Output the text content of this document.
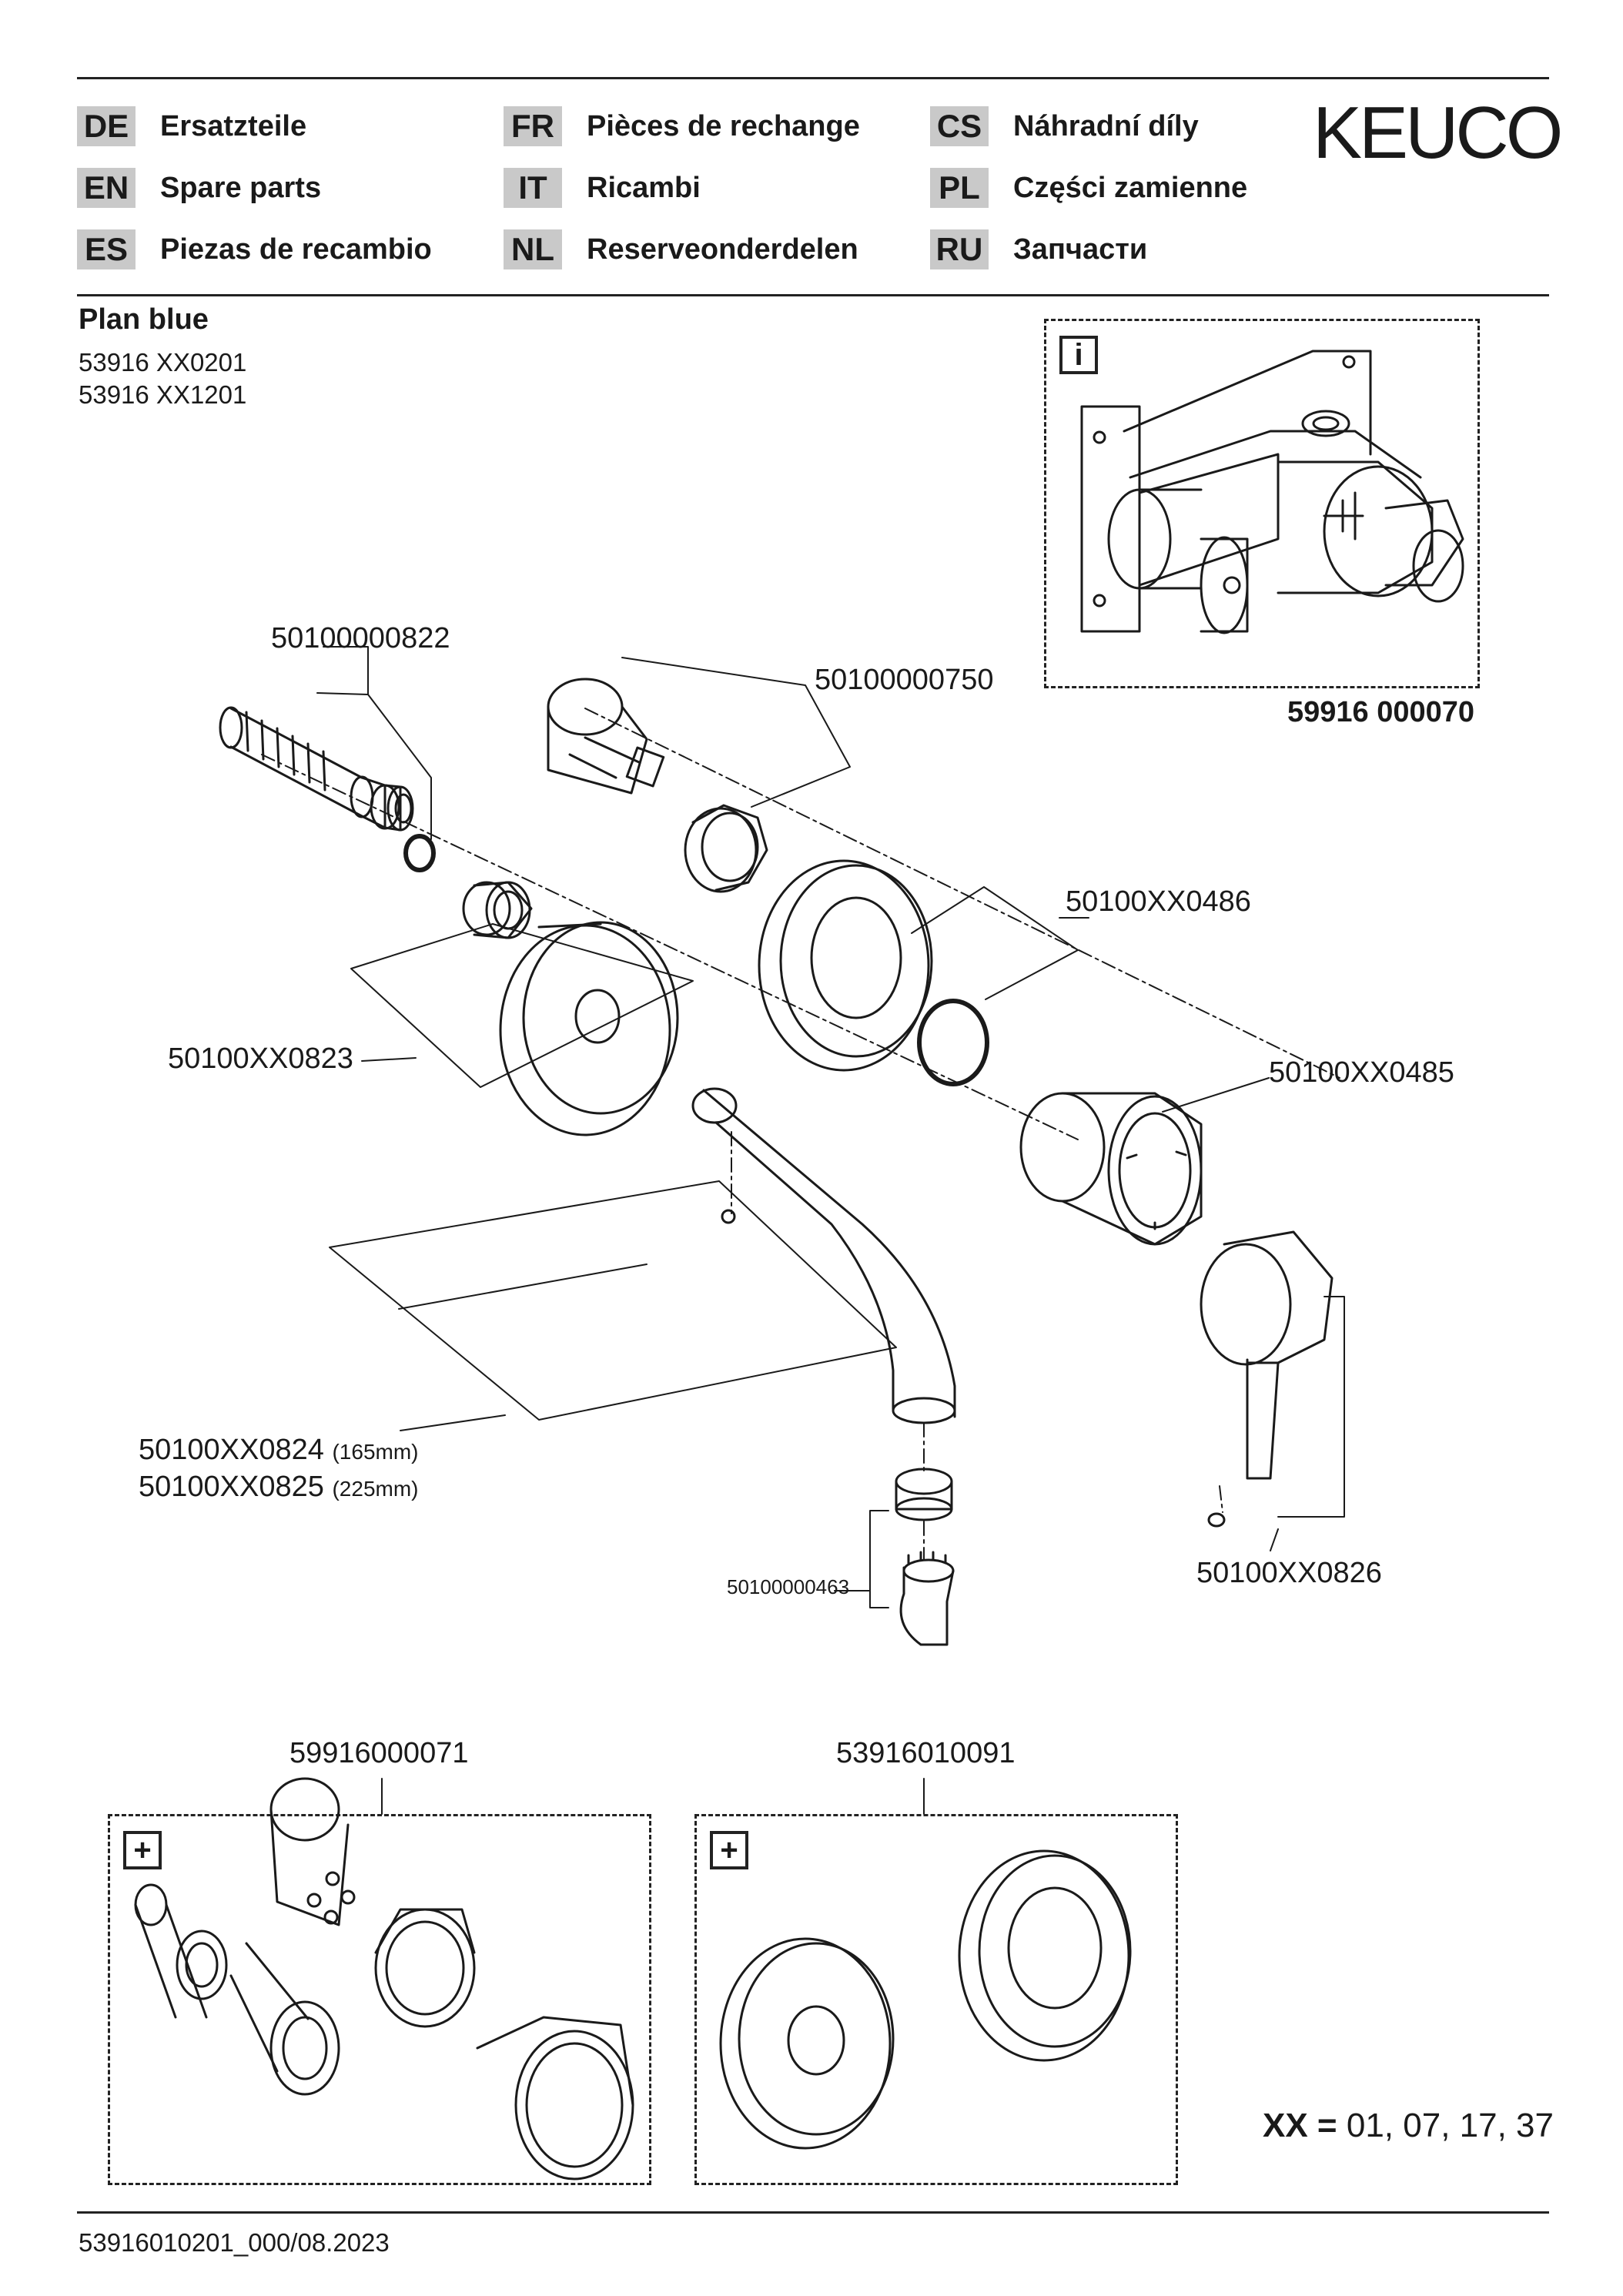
DE Ersatzteile
EN Spare parts
ES Piezas de recambio
FR Pièces de rechange
IT	Ricambi
NL Reserveonderdelen
CS Náhradní díly
PL Części zamienne
RU Запчасти
KEUCO
Plan blue
53916 XX0201
53916 XX1201
i
59916 000070
+	+
50100000822
50100000750
50100XX0486
50100XX0823	50100XX0485
50100XX0824 (165mm)
50100XX0825 (225mm)
50100000463	50100XX0826
59916000071	53916010091
XX = 01, 07, 17, 37
53916010201_000/08.2023
